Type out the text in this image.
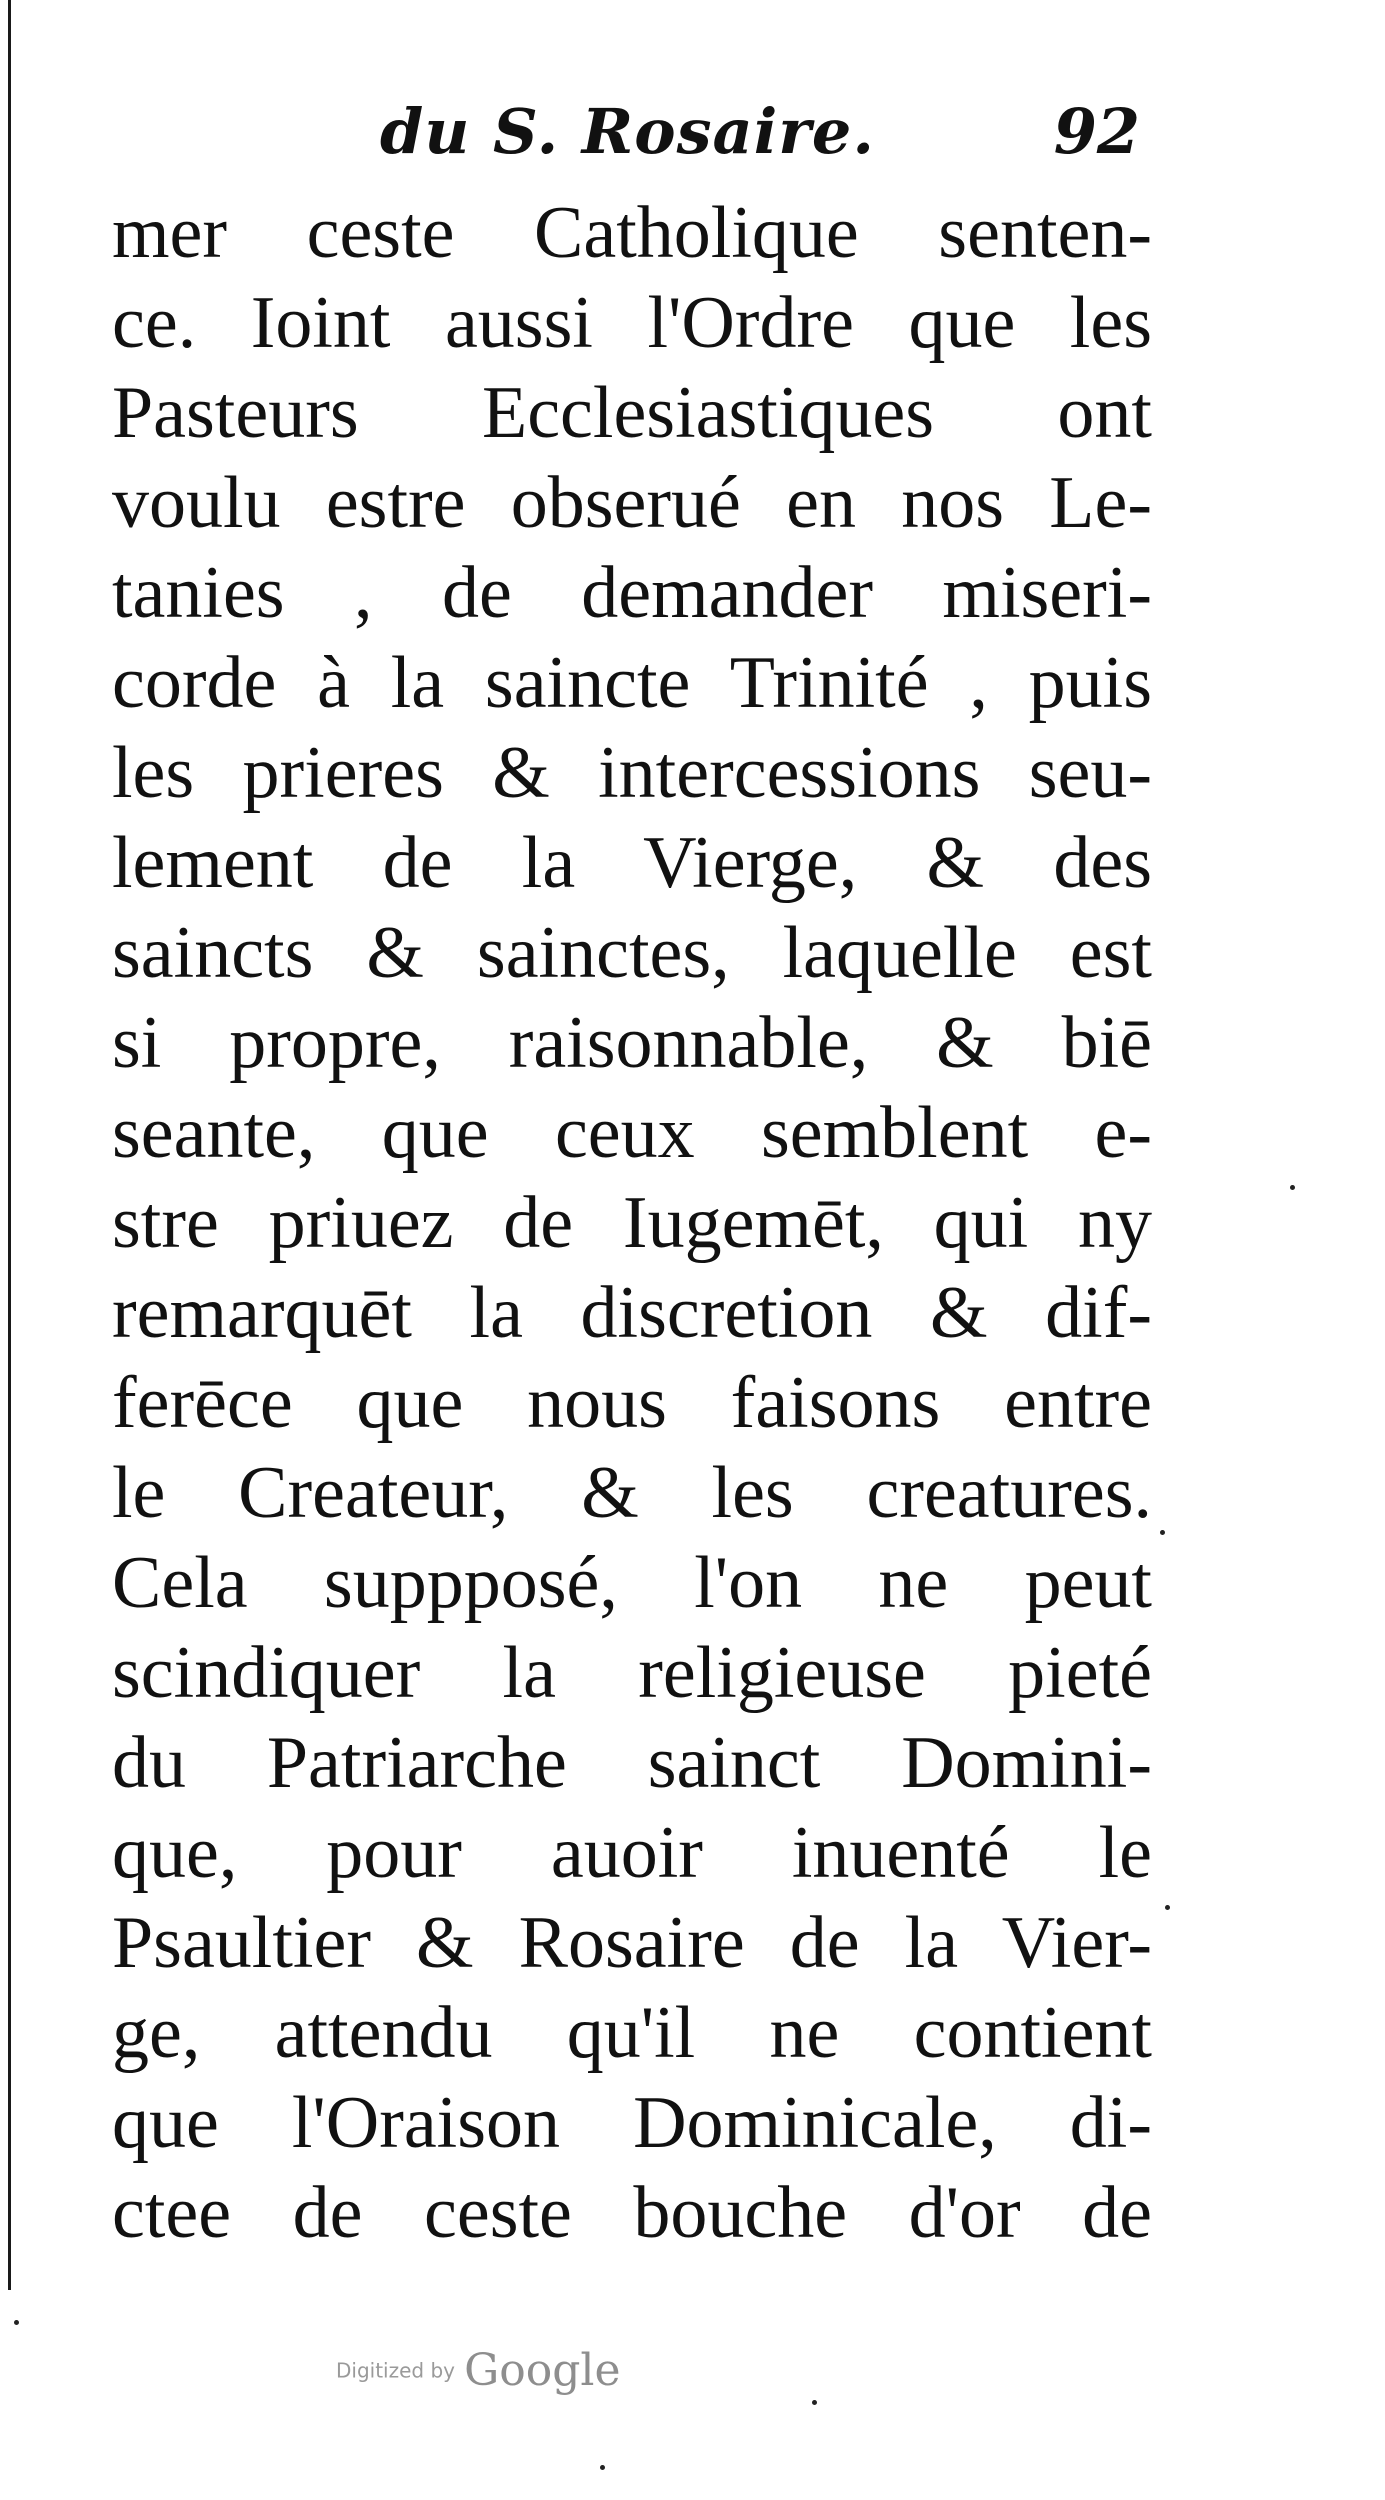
du S. Rosaire.	92
mer ceste Catholique senten-
ce. Ioint aussi l'Ordre que les
Pasteurs Ecclesiastiques ont
voulu estre obserué en nos Le-
tanies , de demander miseri-
corde à la saincte Trinité , puis
les prieres & intercessions seu-
lement de la Vierge, & des
saincts & sainctes, laquelle est
si propre, raisonnable, & biē
seante, que ceux semblent e-
stre priuez de Iugemēt, qui ny
remarquēt la discretion & dif-
ferēce que nous faisons entre
le Createur, & les creatures.
Cela suppposé, l'on ne peut
scindiquer la religieuse pieté
du Patriarche sainct Domini-
que, pour auoir inuenté le
Psaultier & Rosaire de la Vier-
ge, attendu qu'il ne contient
que l'Oraison Dominicale, di-
ctee de ceste bouche d'or de
Digitized by Google
